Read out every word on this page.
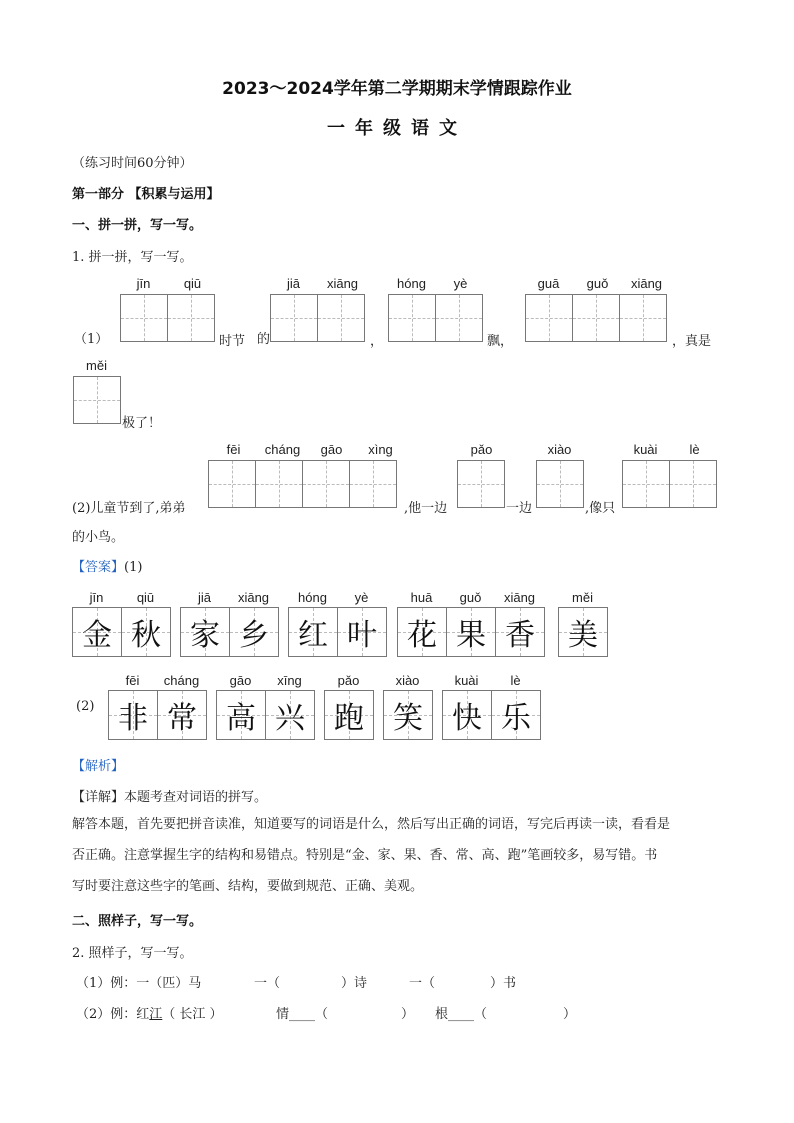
2023～2024学年第二学期期末学情跟踪作业
一年级语文
（练习时间60分钟）
第一部分 【积累与运用】
一、拼一拼，写一写。
1. 拼一拼，写一写。
（1）
jīn	qiū
时节 的
jiā	xiāng
，
hóng	yè
飘，
guā	guǒ	xiāng
，真是
měi
极了！
fēi	cháng	gāo	xìng
(2)儿童节到了,弟弟	,他一边
pǎo
一边
xiào
,像只
kuài	lè
的小鸟。
【答案】(1)
jīn	qiū
金 秋
jiā	xiāng
家 乡
hóng	yè
红 叶
huā	guǒ	xiāng
花 果 香
měi
美
(2)
fēi	cháng
非 常
gāo	xīng
高 兴
pǎo
跑
xiào
笑
kuài	lè
快 乐
【解析】
【详解】本题考查对词语的拼写。
解答本题，首先要把拼音读准，知道要写的词语是什么，然后写出正确的词语，写完后再读一读，看看是
否正确。注意掌握生字的结构和易错点。特别是“金、家、果、香、常、高、跑”笔画较多，易写错。书
写时要注意这些字的笔画、结构，要做到规范、正确、美观。
二、照样子，写一写。
2. 照样子，写一写。
（1）例：一（匹）马	一（	）诗	一（	）书
（2）例：红江（ 长江 ）	情____（	） 根____（	）
